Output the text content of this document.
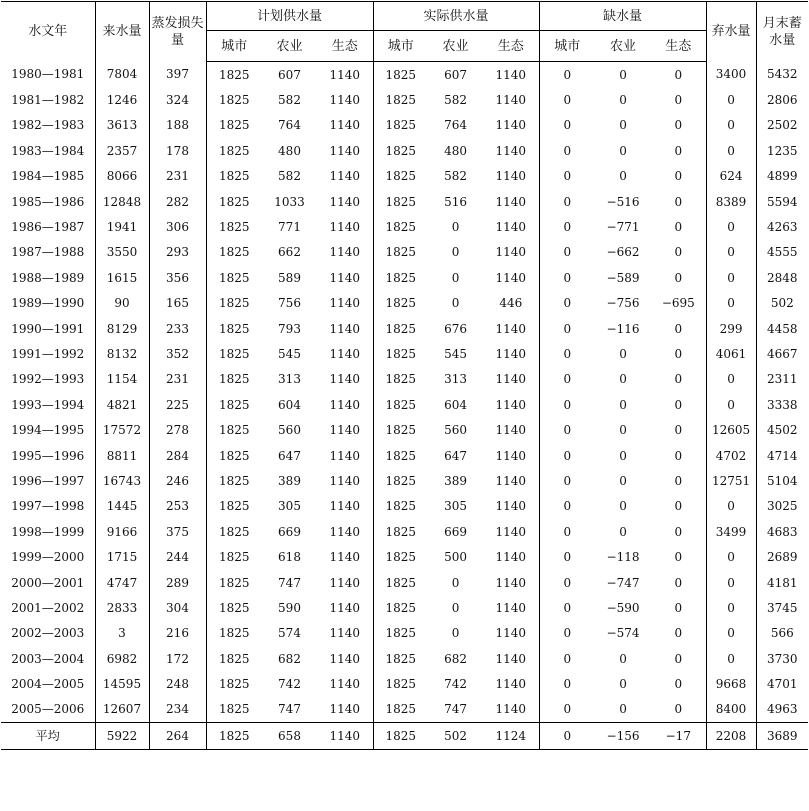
水文年	来水量	蒸发损失量	计划供水量			实际供水量			缺水量			弃水量	月末蓄水量
			城市	农业	生态	城市	农业	生态	城市	农业	生态		
1980—1981	7804	397	1825	607	1140	1825	607	1140	0	0	0	3400	5432
1981—1982	1246	324	1825	582	1140	1825	582	1140	0	0	0	0	2806
1982—1983	3613	188	1825	764	1140	1825	764	1140	0	0	0	0	2502
1983—1984	2357	178	1825	480	1140	1825	480	1140	0	0	0	0	1235
1984—1985	8066	231	1825	582	1140	1825	582	1140	0	0	0	624	4899
1985—1986	12848	282	1825	1033	1140	1825	516	1140	0	−516	0	8389	5594
1986—1987	1941	306	1825	771	1140	1825	0	1140	0	−771	0	0	4263
1987—1988	3550	293	1825	662	1140	1825	0	1140	0	−662	0	0	4555
1988—1989	1615	356	1825	589	1140	1825	0	1140	0	−589	0	0	2848
1989—1990	90	165	1825	756	1140	1825	0	446	0	−756	−695	0	502
1990—1991	8129	233	1825	793	1140	1825	676	1140	0	−116	0	299	4458
1991—1992	8132	352	1825	545	1140	1825	545	1140	0	0	0	4061	4667
1992—1993	1154	231	1825	313	1140	1825	313	1140	0	0	0	0	2311
1993—1994	4821	225	1825	604	1140	1825	604	1140	0	0	0	0	3338
1994—1995	17572	278	1825	560	1140	1825	560	1140	0	0	0	12605	4502
1995—1996	8811	284	1825	647	1140	1825	647	1140	0	0	0	4702	4714
1996—1997	16743	246	1825	389	1140	1825	389	1140	0	0	0	12751	5104
1997—1998	1445	253	1825	305	1140	1825	305	1140	0	0	0	0	3025
1998—1999	9166	375	1825	669	1140	1825	669	1140	0	0	0	3499	4683
1999—2000	1715	244	1825	618	1140	1825	500	1140	0	−118	0	0	2689
2000—2001	4747	289	1825	747	1140	1825	0	1140	0	−747	0	0	4181
2001—2002	2833	304	1825	590	1140	1825	0	1140	0	−590	0	0	3745
2002—2003	3	216	1825	574	1140	1825	0	1140	0	−574	0	0	566
2003—2004	6982	172	1825	682	1140	1825	682	1140	0	0	0	0	3730
2004—2005	14595	248	1825	742	1140	1825	742	1140	0	0	0	9668	4701
2005—2006	12607	234	1825	747	1140	1825	747	1140	0	0	0	8400	4963
平均	5922	264	1825	658	1140	1825	502	1124	0	−156	−17	2208	3689
